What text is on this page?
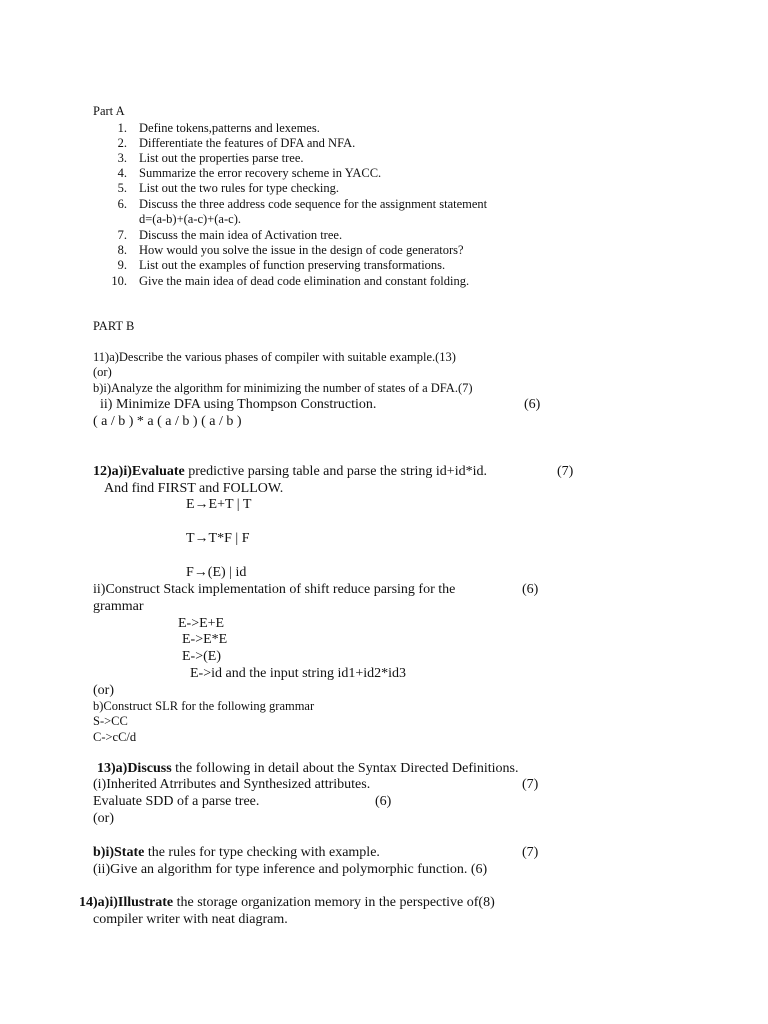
Part A
1. Define tokens,patterns and lexemes.
2. Differentiate the features of DFA and NFA.
3. List out the properties parse tree.
4. Summarize the error recovery scheme in YACC.
5. List out the two rules for type checking.
6. Discuss the three address code sequence for the assignment statement
d=(a-b)+(a-c)+(a-c).
7. Discuss the main idea of Activation tree.
8. How would you solve the issue in the design of code generators?
9. List out the examples of function preserving transformations.
10. Give the main idea of dead code elimination and constant folding.
PART B
11)a)Describe the various phases of compiler with suitable example.(13)
(or)
b)i)Analyze the algorithm for minimizing the number of states of a DFA.(7)
ii) Minimize DFA using Thompson Construction.	(6)
( a / b ) * a ( a / b ) ( a / b )
12)a)i)Evaluate predictive parsing table and parse the string id+id*id.	(7)
And find FIRST and FOLLOW.
E→E+T | T
T→T*F | F
F→(E) | id
ii)Construct Stack implementation of shift reduce parsing for the	(6)
grammar
E->E+E
E->E*E
E->(E)
E->id and the input string id1+id2*id3
(or)
b)Construct SLR for the following grammar
S->CC
C->cC/d
13)a)Discuss the following in detail about the Syntax Directed Definitions.
(i)Inherited Atrributes and Synthesized attributes.	(7)
Evaluate SDD of a parse tree.	(6)
(or)
b)i)State the rules for type checking with example.	(7)
(ii)Give an algorithm for type inference and polymorphic function. (6)
14)a)i)Illustrate the storage organization memory in the perspective of(8)
compiler writer with neat diagram.
